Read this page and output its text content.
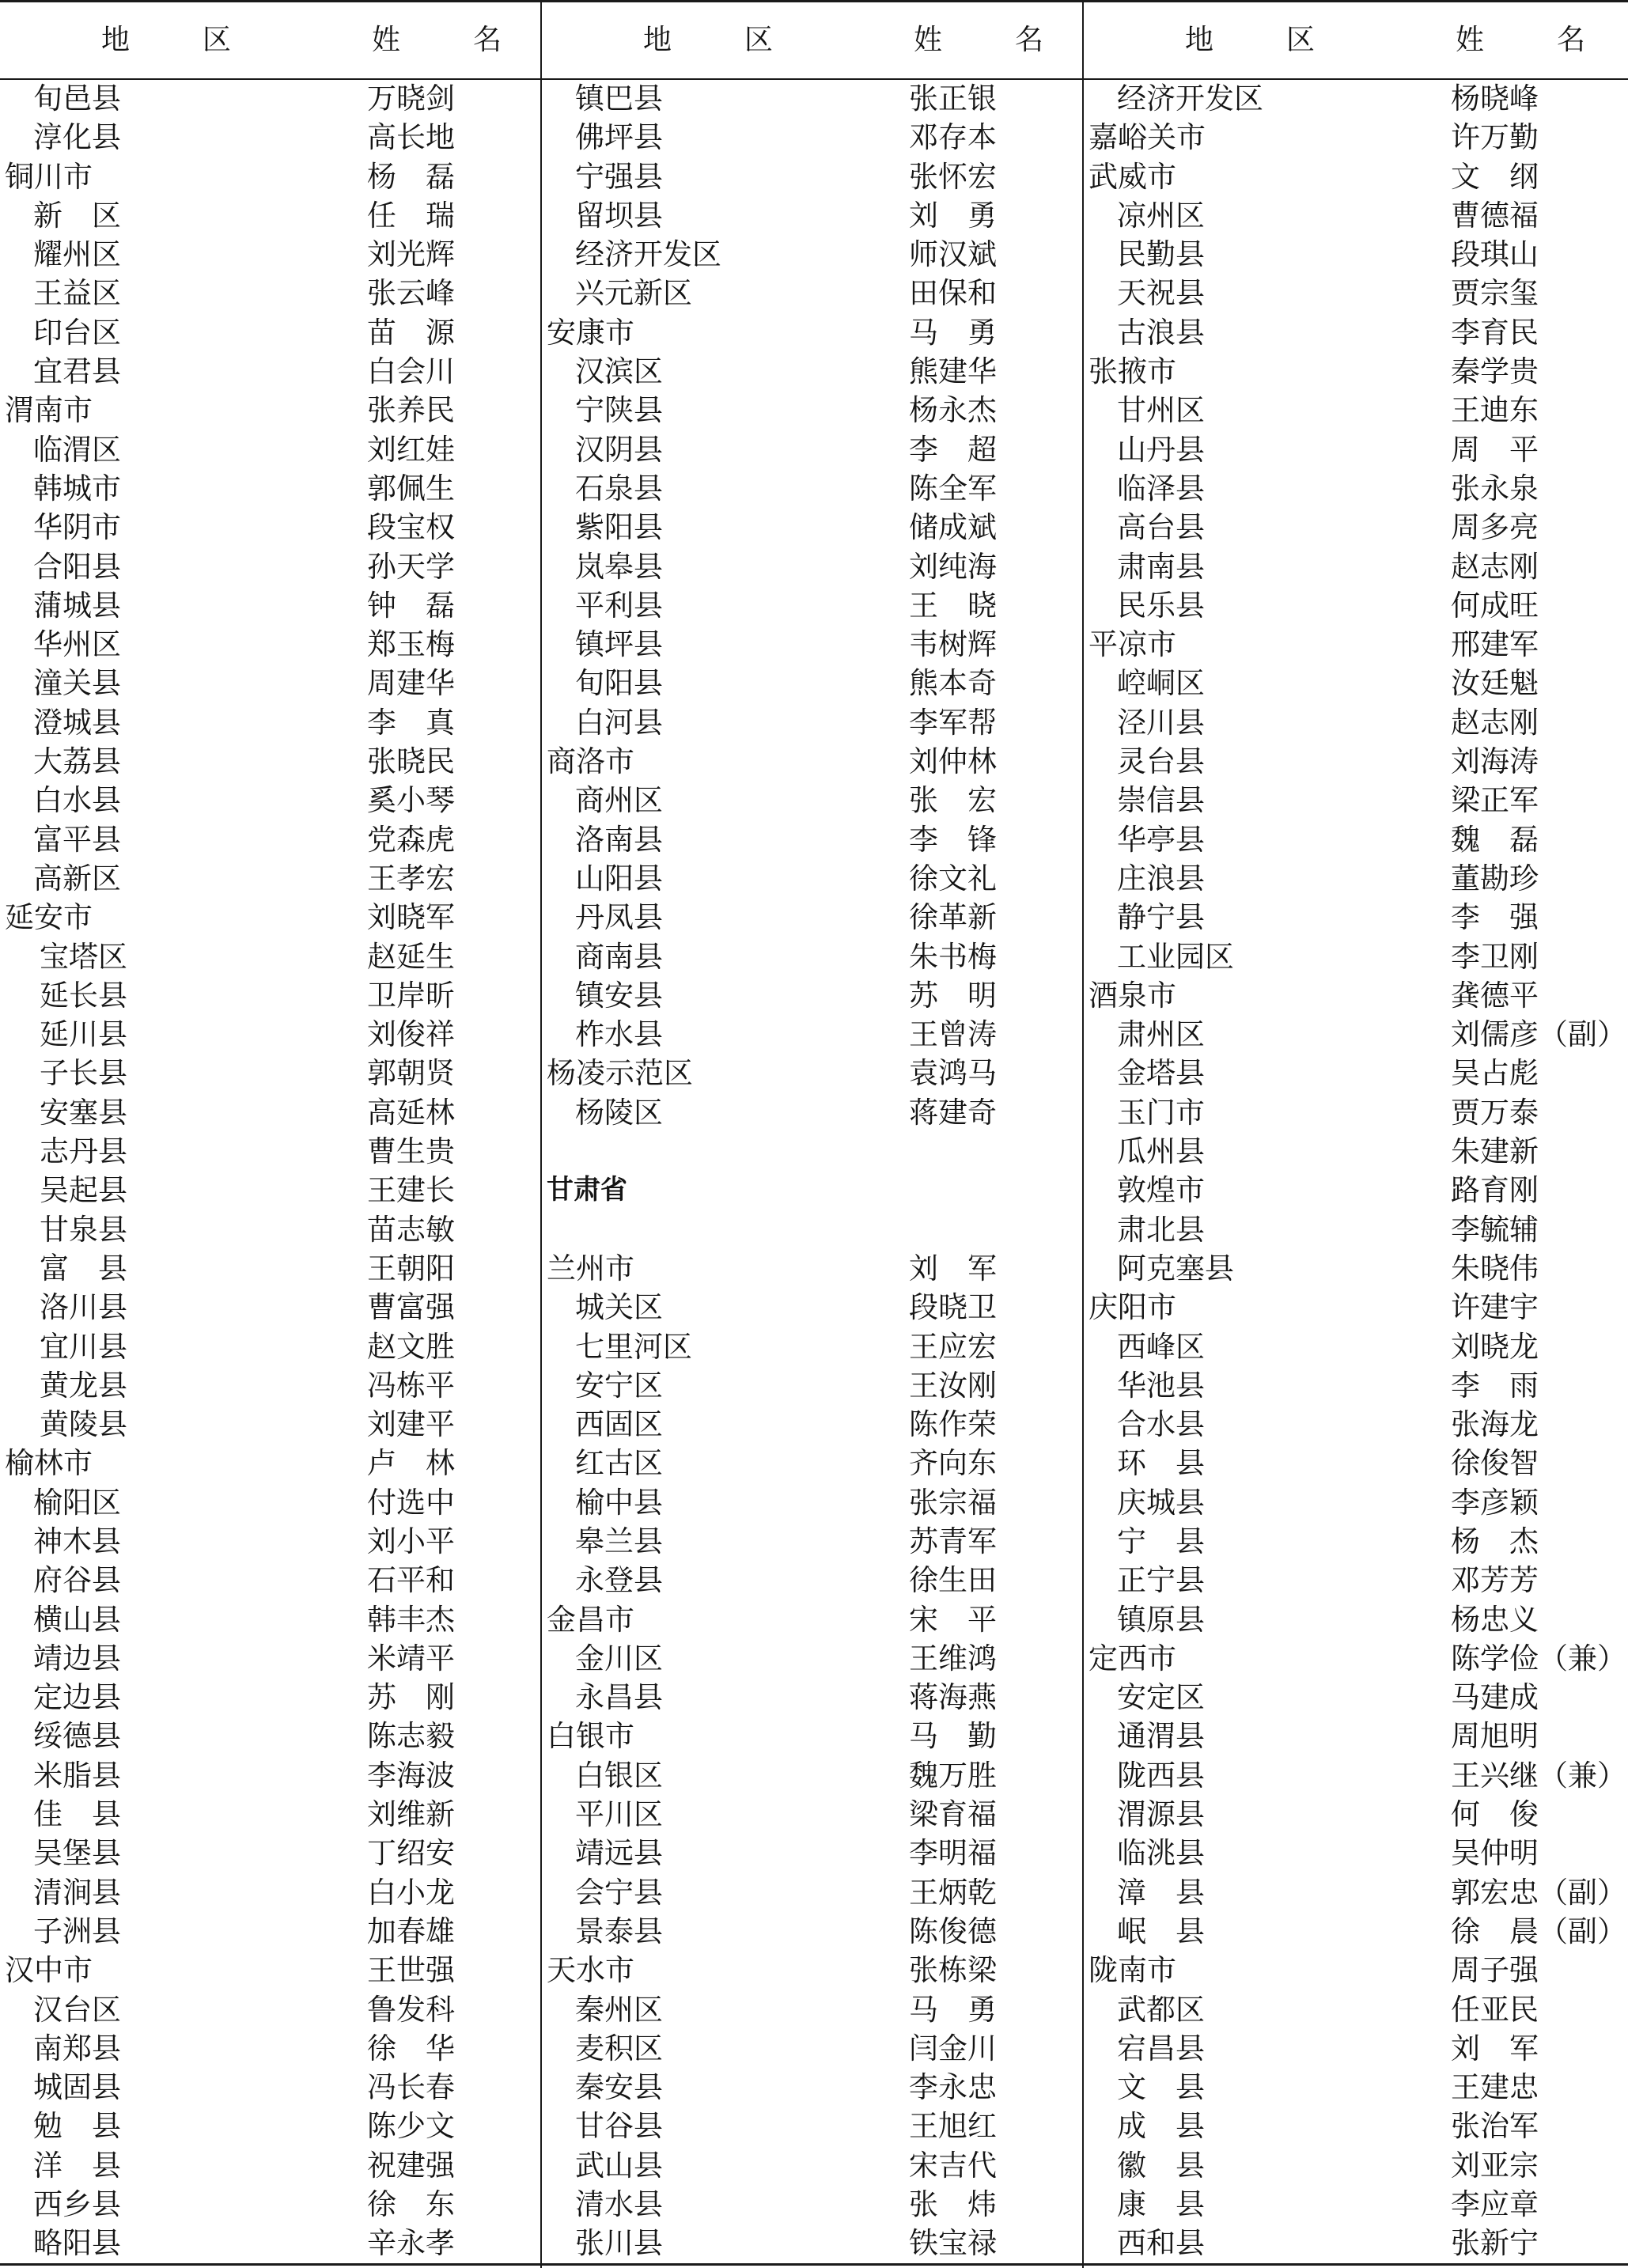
地　区	姓　名
旬邑县	万晓剑
淳化县	高长地
铜川市	杨　磊
新　区	任　瑞
耀州区	刘光辉
王益区	张云峰
印台区	苗　源
宜君县	白会川
渭南市	张养民
临渭区	刘红娃
韩城市	郭佩生
华阴市	段宝权
合阳县	孙天学
蒲城县	钟　磊
华州区	郑玉梅
潼关县	周建华
澄城县	李　真
大荔县	张晓民
白水县	奚小琴
富平县	党森虎
高新区	王孝宏
延安市	刘晓军
宝塔区	赵延生
延长县	卫岸昕
延川县	刘俊祥
子长县	郭朝贤
安塞县	高延林
志丹县	曹生贵
吴起县	王建长
甘泉县	苗志敏
富　县	王朝阳
洛川县	曹富强
宜川县	赵文胜
黄龙县	冯栋平
黄陵县	刘建平
榆林市	卢　林
榆阳区	付选中
神木县	刘小平
府谷县	石平和
横山县	韩丰杰
靖边县	米靖平
定边县	苏　刚
绥德县	陈志毅
米脂县	李海波
佳　县	刘维新
吴堡县	丁绍安
清涧县	白小龙
子洲县	加春雄
汉中市	王世强
汉台区	鲁发科
南郑县	徐　华
城固县	冯长春
勉　县	陈少文
洋　县	祝建强
西乡县	徐　东
略阳县	辛永孝
地　区	姓　名
镇巴县	张正银
佛坪县	邓存本
宁强县	张怀宏
留坝县	刘　勇
经济开发区	师汉斌
兴元新区	田保和
安康市	马　勇
汉滨区	熊建华
宁陕县	杨永杰
汉阴县	李　超
石泉县	陈全军
紫阳县	储成斌
岚皋县	刘纯海
平利县	王　晓
镇坪县	韦树辉
旬阳县	熊本奇
白河县	李军帮
商洛市	刘仲林
商州区	张　宏
洛南县	李　锋
山阳县	徐文礼
丹凤县	徐革新
商南县	朱书梅
镇安县	苏　明
柞水县	王曾涛
杨凌示范区	袁鸿马
杨陵区	蒋建奇
甘肃省
兰州市	刘　军
城关区	段晓卫
七里河区	王应宏
安宁区	王汝刚
西固区	陈作荣
红古区	齐向东
榆中县	张宗福
皋兰县	苏青军
永登县	徐生田
金昌市	宋　平
金川区	王维鸿
永昌县	蒋海燕
白银市	马　勤
白银区	魏万胜
平川区	梁育福
靖远县	李明福
会宁县	王炳乾
景泰县	陈俊德
天水市	张栋梁
秦州区	马　勇
麦积区	闫金川
秦安县	李永忠
甘谷县	王旭红
武山县	宋吉代
清水县	张　炜
张川县	铁宝禄
地　区	姓　名
经济开发区	杨晓峰
嘉峪关市	许万勤
武威市	文　纲
凉州区	曹德福
民勤县	段琪山
天祝县	贾宗玺
古浪县	李育民
张掖市	秦学贵
甘州区	王迪东
山丹县	周　平
临泽县	张永泉
高台县	周多亮
肃南县	赵志刚
民乐县	何成旺
平凉市	邢建军
崆峒区	汝廷魁
泾川县	赵志刚
灵台县	刘海涛
崇信县	梁正军
华亭县	魏　磊
庄浪县	董勘珍
静宁县	李　强
工业园区	李卫刚
酒泉市	龚德平
肃州区	刘儒彦（副）
金塔县	吴占彪
玉门市	贾万泰
瓜州县	朱建新
敦煌市	路育刚
肃北县	李毓辅
阿克塞县	朱晓伟
庆阳市	许建宇
西峰区	刘晓龙
华池县	李　雨
合水县	张海龙
环　县	徐俊智
庆城县	李彦颖
宁　县	杨　杰
正宁县	邓芳芳
镇原县	杨忠义
定西市	陈学俭（兼）
安定区	马建成
通渭县	周旭明
陇西县	王兴继（兼）
渭源县	何　俊
临洮县	吴仲明
漳　县	郭宏忠（副）
岷　县	徐　晨（副）
陇南市	周子强
武都区	任亚民
宕昌县	刘　军
文　县	王建忠
成　县	张治军
徽　县	刘亚宗
康　县	李应章
西和县	张新宁
